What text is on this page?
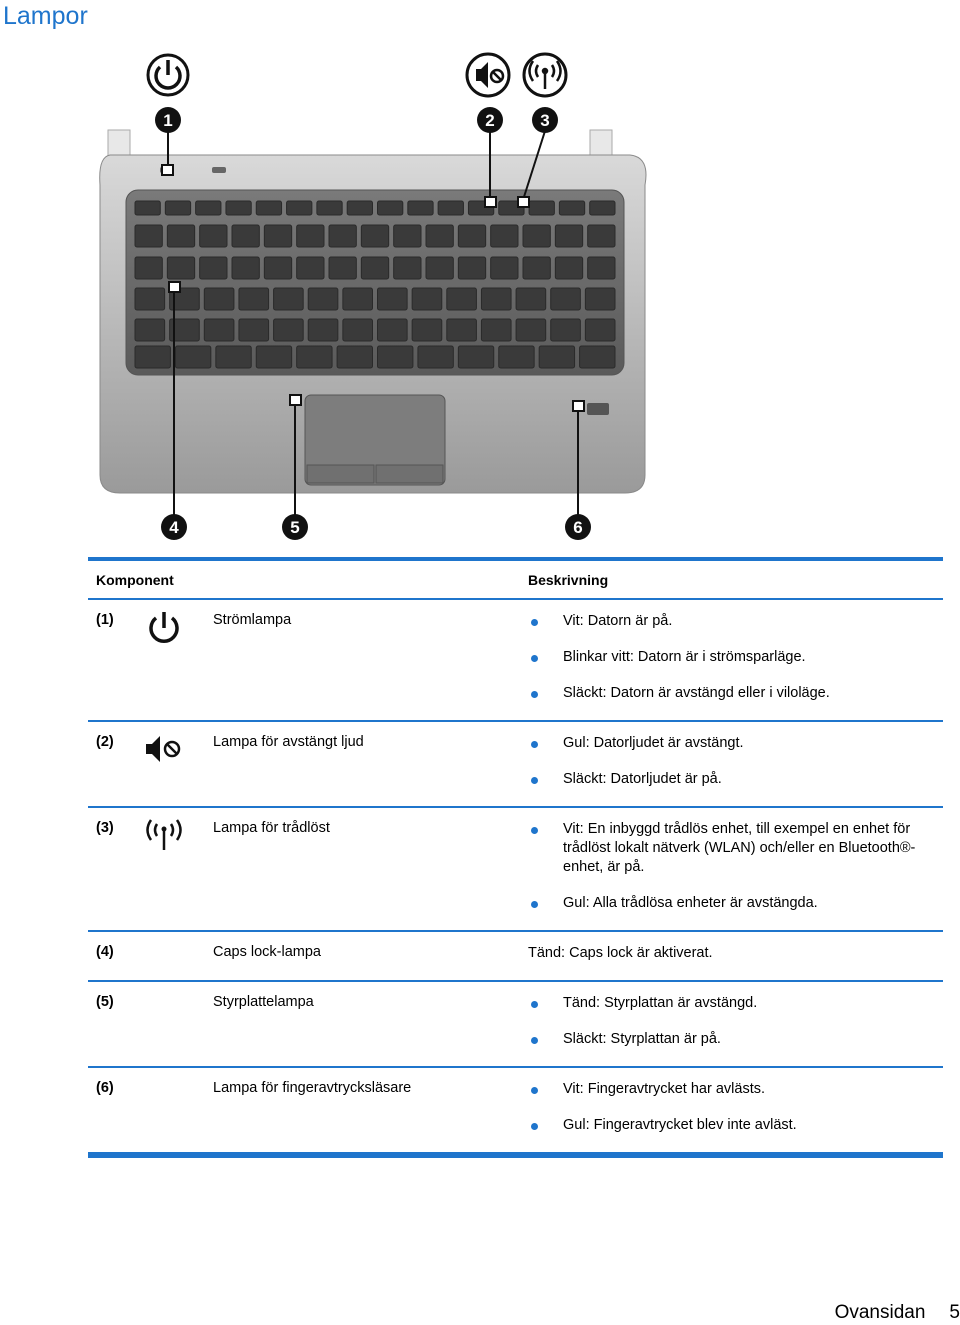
Lampor
1	2	3
4	5	6
Komponent	Beskrivning
(1)	Strömlampa	Vit: Datorn är på.
Blinkar vitt: Datorn är i strömsparläge.
Släckt: Datorn är avstängd eller i viloläge.
(2)	Lampa för avstängt ljud	Gul: Datorljudet är avstängt.
Släckt: Datorljudet är på.
(3)	Lampa för trådlöst	Vit: En inbyggd trådlös enhet, till exempel en enhet för trådlöst lokalt nätverk (WLAN) och/eller en Bluetooth®-enhet, är på.
Gul: Alla trådlösa enheter är avstängda.
(4)	Caps lock-lampa	Tänd: Caps lock är aktiverat.
(5)	Styrplattelampa	Tänd: Styrplattan är avstängd.
Släckt: Styrplattan är på.
(6)	Lampa för fingeravtrycksläsare	Vit: Fingeravtrycket har avlästs.
Gul: Fingeravtrycket blev inte avläst.
Ovansidan 5
